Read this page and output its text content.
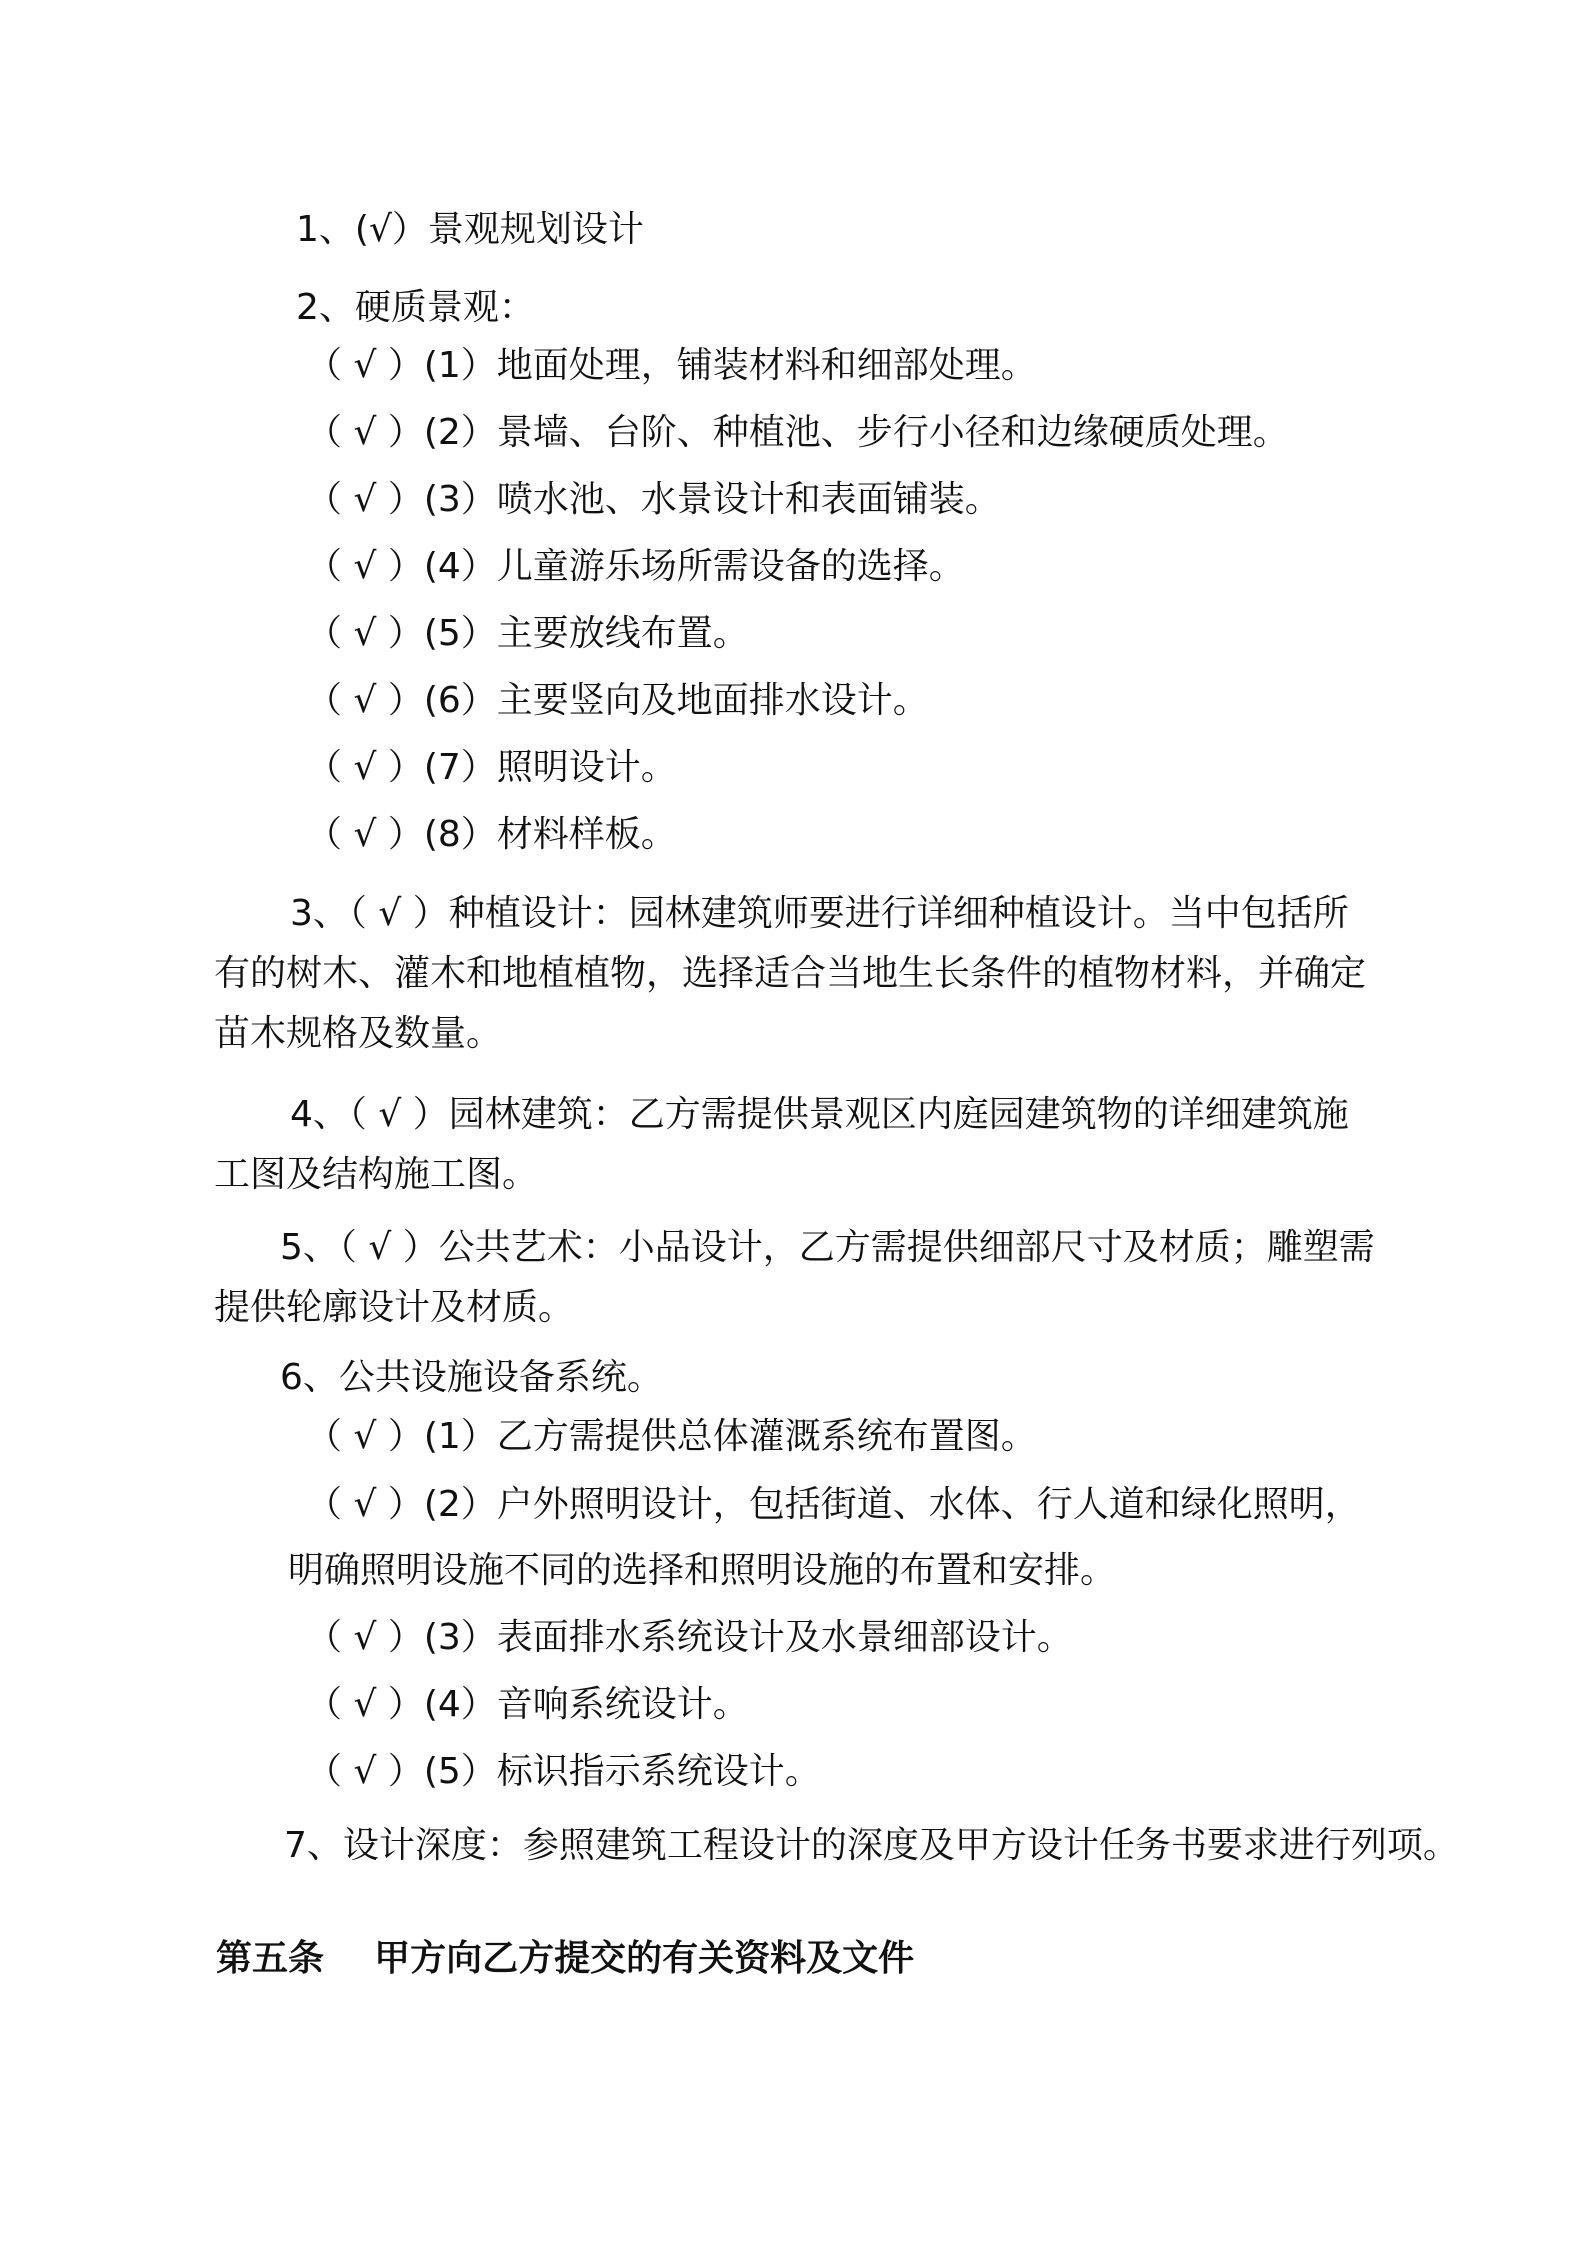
1、(√）景观规划设计
2、硬质景观：
（ √ ）(1）地面处理，铺装材料和细部处理。
（ √ ）(2）景墙、台阶、种植池、步行小径和边缘硬质处理。
（ √ ）(3）喷水池、水景设计和表面铺装。
（ √ ）(4）儿童游乐场所需设备的选择。
（ √ ）(5）主要放线布置。
（ √ ）(6）主要竖向及地面排水设计。
（ √ ）(7）照明设计。
（ √ ）(8）材料样板。
3、（ √ ）种植设计：园林建筑师要进行详细种植设计。当中包括所有的树木、灌木和地植植物，选择适合当地生长条件的植物材料，并确定苗木规格及数量。
4、（ √ ）园林建筑：乙方需提供景观区内庭园建筑物的详细建筑施工图及结构施工图。
5、（ √ ）公共艺术：小品设计，乙方需提供细部尺寸及材质；雕塑需提供轮廓设计及材质。
6、公共设施设备系统。
（ √ ）(1）乙方需提供总体灌溉系统布置图。
（ √ ）(2）户外照明设计，包括街道、水体、行人道和绿化照明，明确照明设施不同的选择和照明设施的布置和安排。
（ √ ）(3）表面排水系统设计及水景细部设计。
（ √ ）(4）音响系统设计。
（ √ ）(5）标识指示系统设计。
7、设计深度：参照建筑工程设计的深度及甲方设计任务书要求进行列项。
第五条    甲方向乙方提交的有关资料及文件
